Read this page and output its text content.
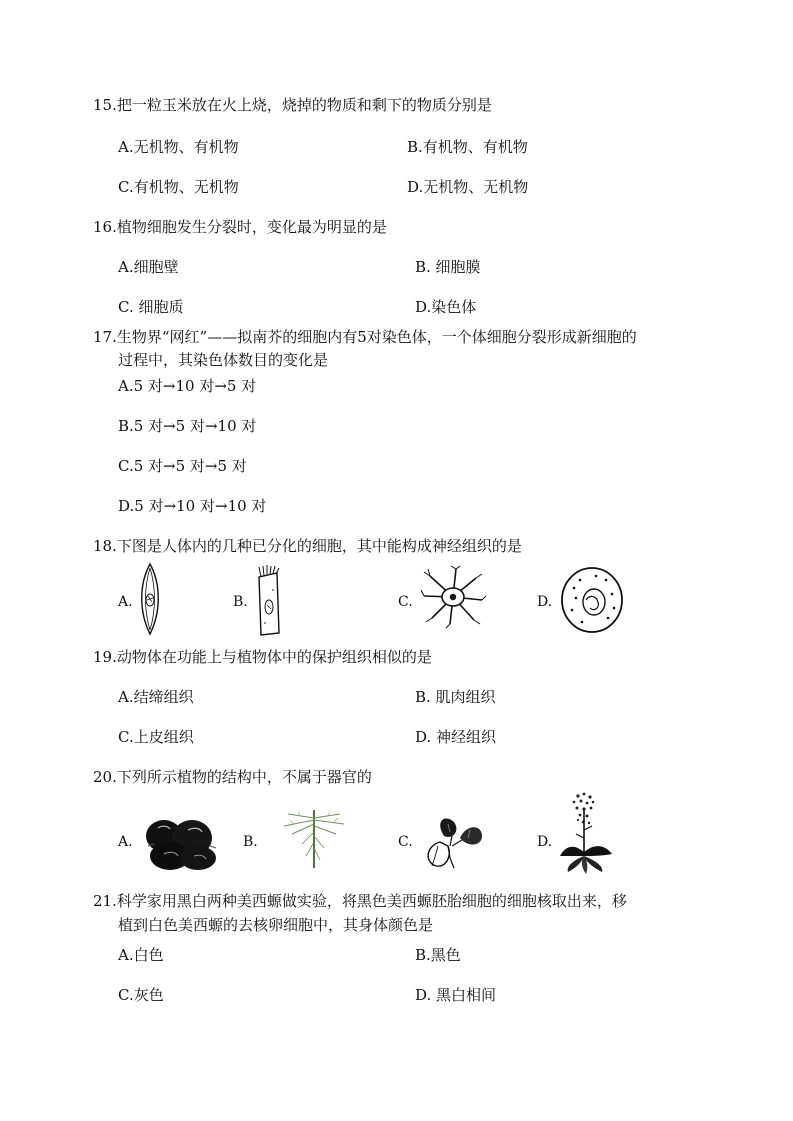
15.把一粒玉米放在火上烧，烧掉的物质和剩下的物质分别是
A.无机物、有机物	B.有机物、有机物
C.有机物、无机物	D.无机物、无机物
16.植物细胞发生分裂时，变化最为明显的是
A.细胞壁	B. 细胞膜
C. 细胞质	D.染色体
17.生物界“网红”——拟南芥的细胞内有5对染色体，一个体细胞分裂形成新细胞的
过程中，其染色体数目的变化是
A.5 对→10 对→5 对
B.5 对→5 对→10 对
C.5 对→5 对→5 对
D.5 对→10 对→10 对
18.下图是人体内的几种已分化的细胞，其中能构成神经组织的是
A.	B.	C.	D.
19.动物体在功能上与植物体中的保护组织相似的是
A.结缔组织	B. 肌肉组织
C.上皮组织	D. 神经组织
20.下列所示植物的结构中，不属于器官的
A.	B.	C.	D.
21.科学家用黑白两种美西螈做实验，将黑色美西螈胚胎细胞的细胞核取出来，移
植到白色美西螈的去核卵细胞中，其身体颜色是
A.白色	B.黑色
C.灰色	D. 黑白相间
